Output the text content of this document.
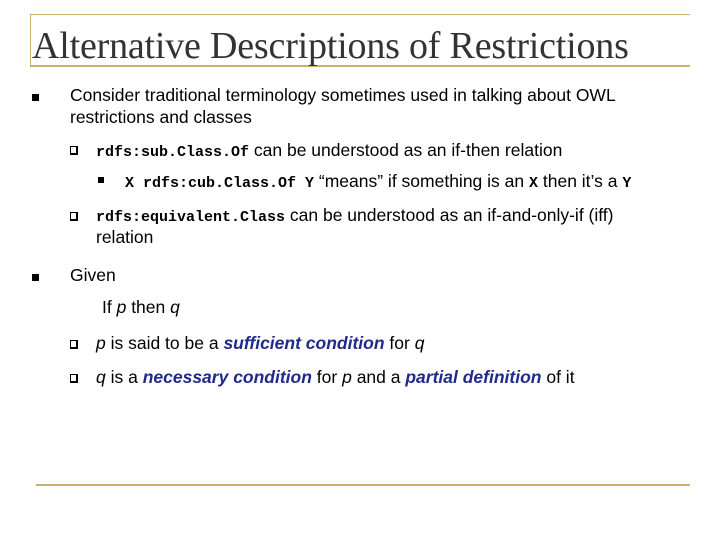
Alternative Descriptions of Restrictions
Consider traditional terminology sometimes used in talking about OWL
restrictions and classes
rdfs:sub.Class.Of can be understood as an if-then relation
X rdfs:cub.Class.Of Y “means” if something is an X then it’s a Y
rdfs:equivalent.Class can be understood as an if-and-only-if (iff)
relation
Given
If p then q
p is said to be a sufficient condition for q
q is a necessary condition for p and a partial definition of it
